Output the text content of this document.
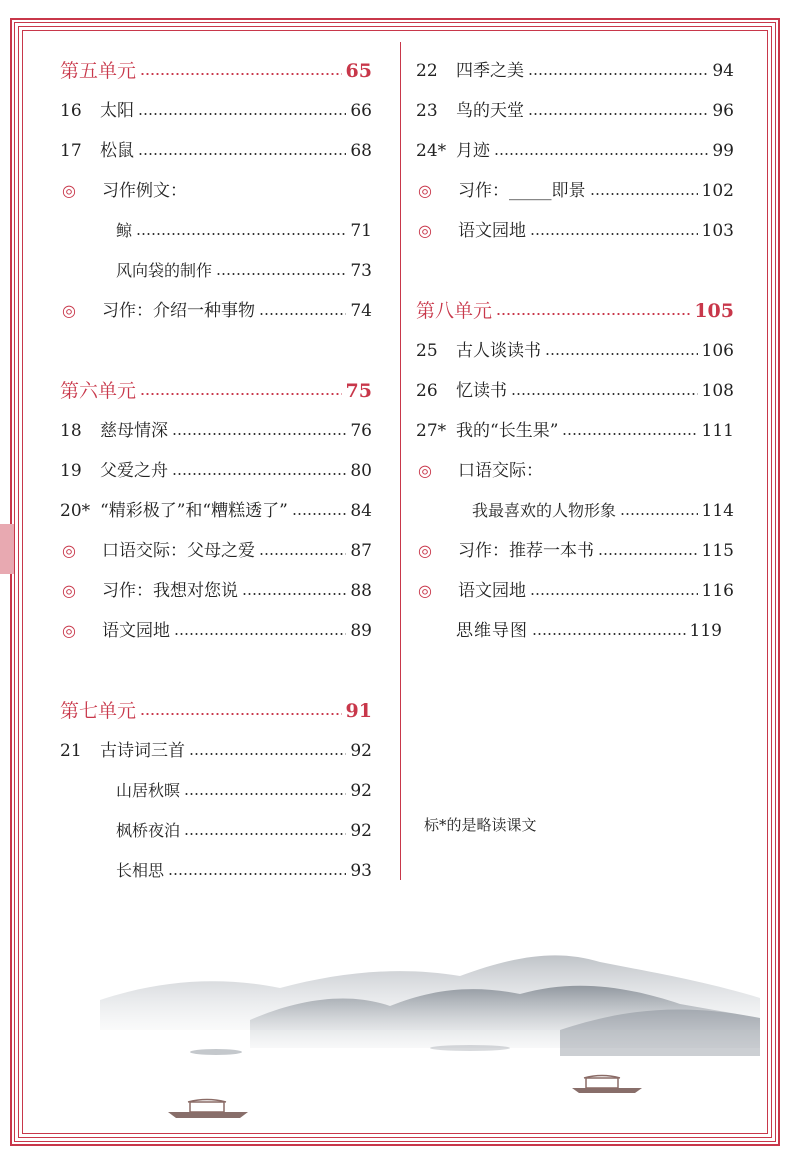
第五单元	65
16	太阳	66
17	松鼠	68
◎	习作例文：
鲸	71
风向袋的制作	73
◎	习作：介绍一种事物	74
第六单元	75
18	慈母情深	76
19	父爱之舟	80
20* “精彩极了”和“糟糕透了”	84
◎	口语交际：父母之爱	87
◎	习作：我想对您说	88
◎	语文园地	89
第七单元	91
21	古诗词三首	92
山居秋暝	92
枫桥夜泊	92
长相思	93
22	四季之美	94
23	鸟的天堂	96
24* 月迹	99
◎	习作：_____即景	102
◎	语文园地	103
第八单元	105
25	古人谈读书	106
26	忆读书	108
27* 我的“长生果”	111
◎	口语交际：
我最喜欢的人物形象	114
◎	习作：推荐一本书	115
◎	语文园地	116
思维导图	119
标*的是略读课文
